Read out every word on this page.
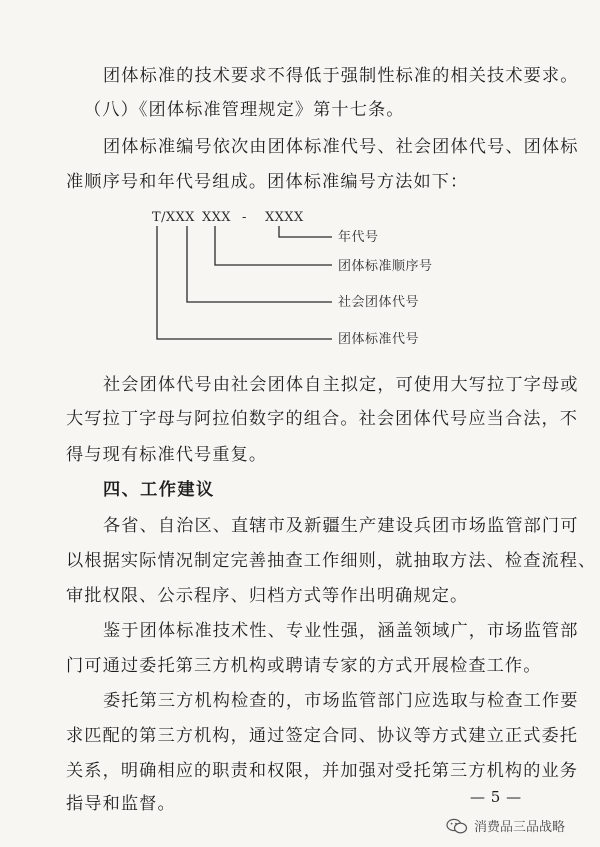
团体标准的技术要求不得低于强制性标准的相关技术要求。
（八）《团体标准管理规定》第十七条。
团体标准编号依次由团体标准代号、社会团体代号、团体标
准顺序号和年代号组成。团体标准编号方法如下：
T/XXX XXX - XXXX
年代号
团体标准顺序号
社会团体代号
团体标准代号
社会团体代号由社会团体自主拟定，可使用大写拉丁字母或
大写拉丁字母与阿拉伯数字的组合。社会团体代号应当合法，不
得与现有标准代号重复。
四、工作建议
各省、自治区、直辖市及新疆生产建设兵团市场监管部门可
以根据实际情况制定完善抽查工作细则，就抽取方法、检查流程、
审批权限、公示程序、归档方式等作出明确规定。
鉴于团体标准技术性、专业性强，涵盖领域广，市场监管部
门可通过委托第三方机构或聘请专家的方式开展检查工作。
委托第三方机构检查的，市场监管部门应选取与检查工作要
求匹配的第三方机构，通过签定合同、协议等方式建立正式委托
关系，明确相应的职责和权限，并加强对受托第三方机构的业务
指导和监督。	— 5 —
消费品三品战略
